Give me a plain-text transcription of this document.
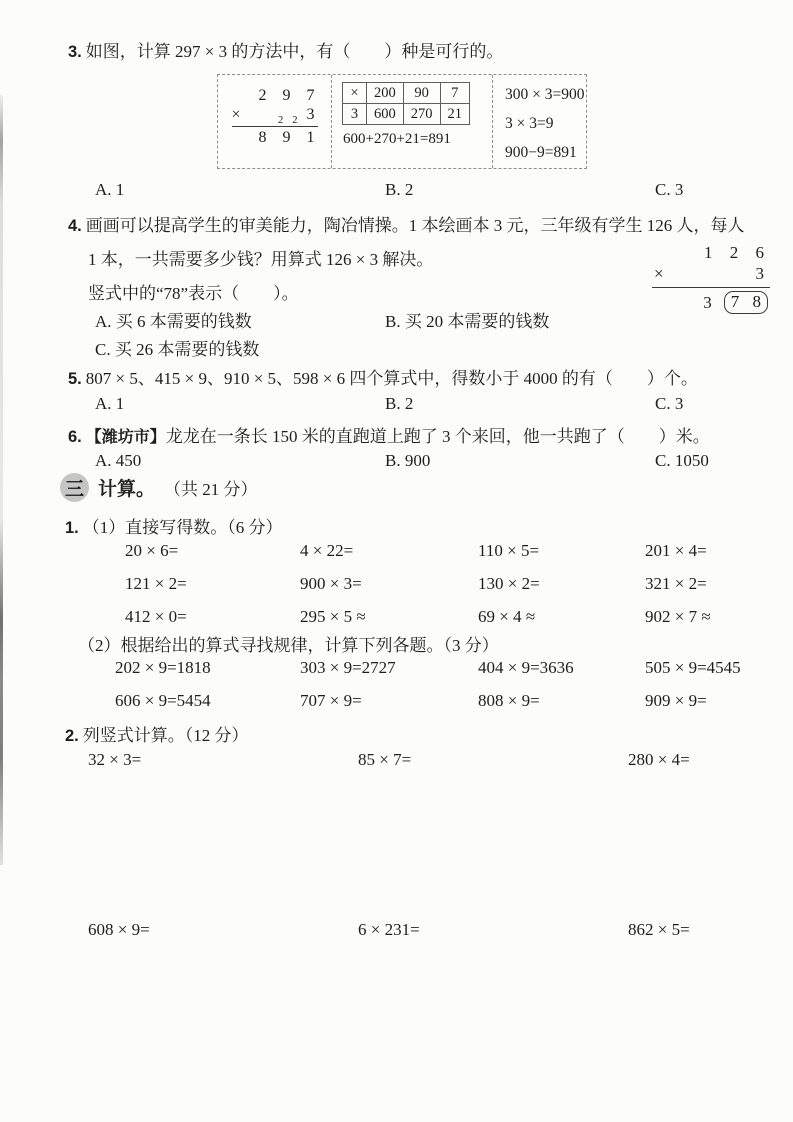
3. 如图，计算 297 × 3 的方法中，有（　　）种是可行的。
2 9 7
×	2 2 3
8 9 1
×	200	90	7
3	600	270	21
600+270+21=891
300 × 3=900
3 × 3=9
900−9=891
A. 1	B. 2	C. 3
4. 画画可以提高学生的审美能力，陶冶情操。1 本绘画本 3 元，三年级有学生 126 人，每人
1 本，一共需要多少钱？用算式 126 × 3 解决。
竖式中的“78”表示（　　）。
1 2 6
×	3
3	7 8
A. 买 6 本需要的钱数	B. 买 20 本需要的钱数
C. 买 26 本需要的钱数
5. 807 × 5、415 × 9、910 × 5、598 × 6 四个算式中，得数小于 4000 的有（　　）个。
A. 1	B. 2	C. 3
6. 【潍坊市】龙龙在一条长 150 米的直跑道上跑了 3 个来回，他一共跑了（　　）米。
A. 450	B. 900	C. 1050
三 计算。 （共 21 分）
1. （1）直接写得数。（6 分）
20 × 6=	4 × 22=	110 × 5=	201 × 4=
121 × 2=	900 × 3=	130 × 2=	321 × 2=
412 × 0=	295 × 5 ≈	69 × 4 ≈	902 × 7 ≈
（2）根据给出的算式寻找规律，计算下列各题。（3 分）
202 × 9=1818	303 × 9=2727	404 × 9=3636	505 × 9=4545
606 × 9=5454	707 × 9=	808 × 9=	909 × 9=
2. 列竖式计算。（12 分）
32 × 3=	85 × 7=	280 × 4=
608 × 9=	6 × 231=	862 × 5=
